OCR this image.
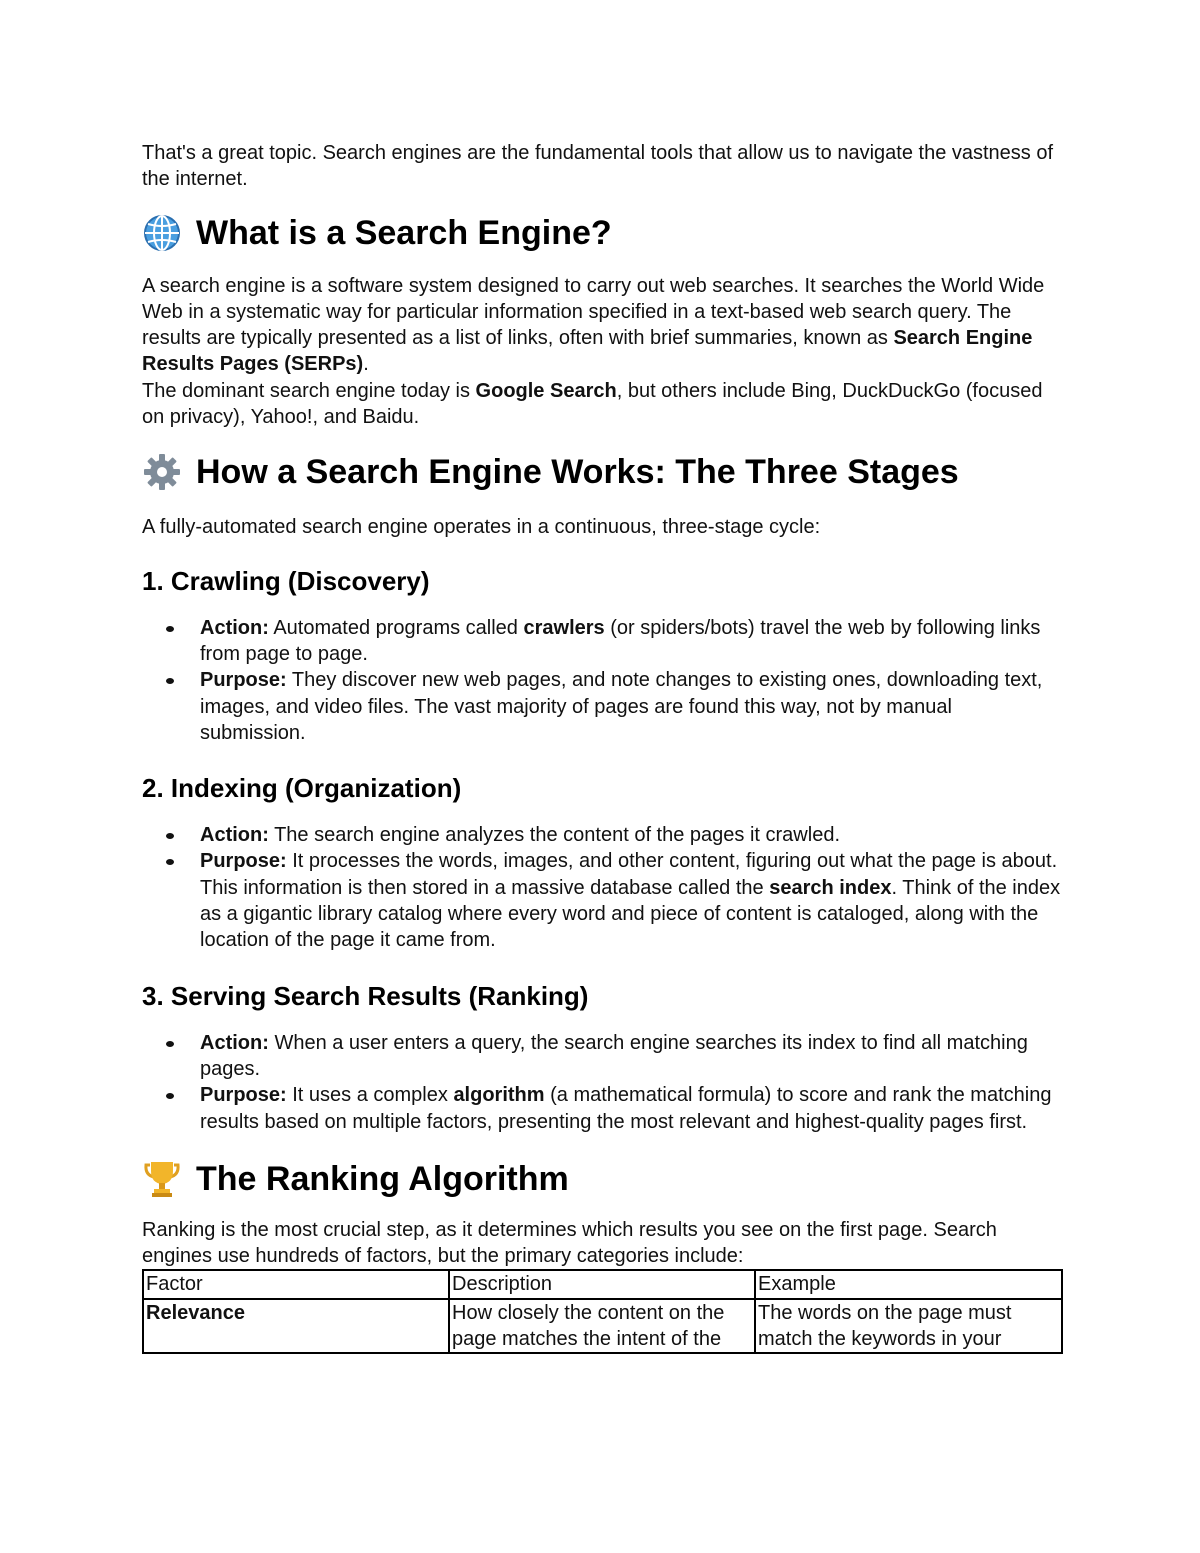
That's a great topic. Search engines are the fundamental tools that allow us to navigate the vastness of the internet.

What is a Search Engine?

A search engine is a software system designed to carry out web searches. It searches the World Wide Web in a systematic way for particular information specified in a text-based web search query. The results are typically presented as a list of links, often with brief summaries, known as Search Engine Results Pages (SERPs).

The dominant search engine today is Google Search, but others include Bing, DuckDuckGo (focused on privacy), Yahoo!, and Baidu.

How a Search Engine Works: The Three Stages

A fully-automated search engine operates in a continuous, three-stage cycle:

1. Crawling (Discovery)
Action: Automated programs called crawlers (or spiders/bots) travel the web by following links from page to page.
Purpose: They discover new web pages, and note changes to existing ones, downloading text, images, and video files. The vast majority of pages are found this way, not by manual submission.
2. Indexing (Organization)
Action: The search engine analyzes the content of the pages it crawled.
Purpose: It processes the words, images, and other content, figuring out what the page is about. This information is then stored in a massive database called the search index. Think of the index as a gigantic library catalog where every word and piece of content is cataloged, along with the location of the page it came from.
3. Serving Search Results (Ranking)
Action: When a user enters a query, the search engine searches its index to find all matching pages.
Purpose: It uses a complex algorithm (a mathematical formula) to score and rank the matching results based on multiple factors, presenting the most relevant and highest-quality pages first.
The Ranking Algorithm

Ranking is the most crucial step, as it determines which results you see on the first page. Search engines use hundreds of factors, but the primary categories include:

Factor	Description	Example

Relevance	How closely the content on the page matches the intent of the	The words on the page must match the keywords in your
